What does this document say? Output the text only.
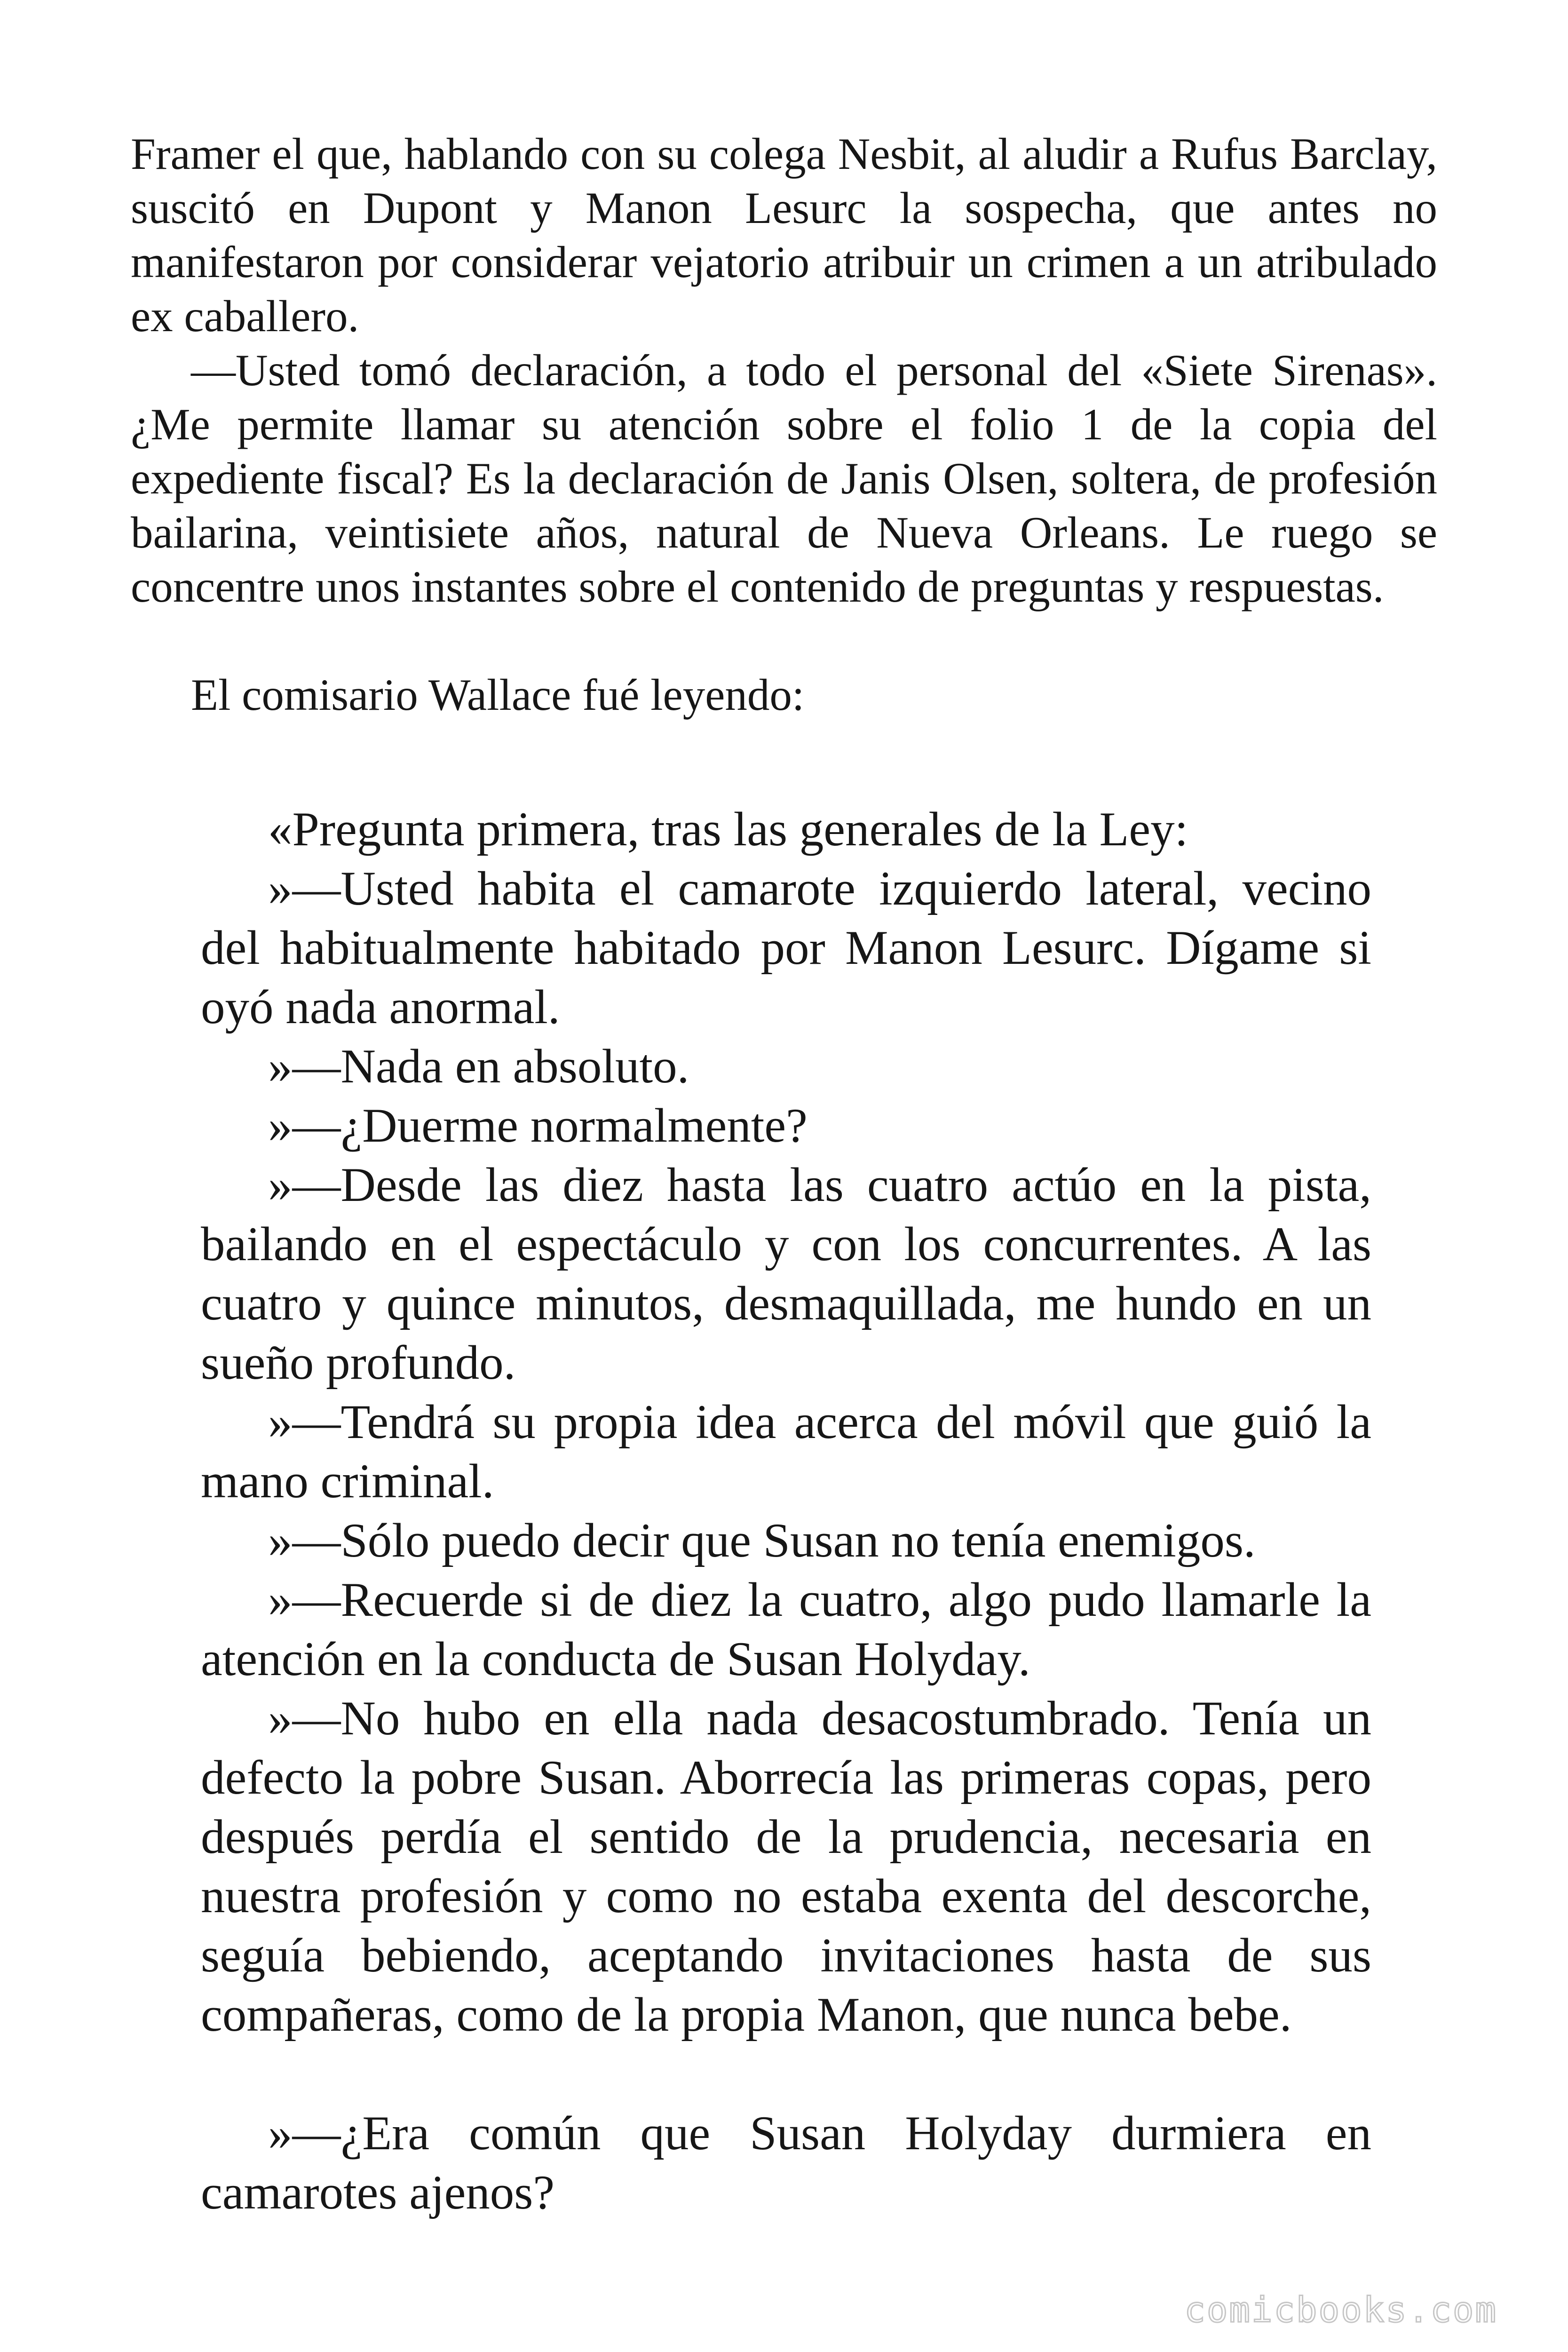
Framer el que, hablando con su colega Nesbit, al aludir a Rufus Barclay, suscitó en Dupont y Manon Lesurc la sospecha, que antes no manifestaron por considerar vejatorio atribuir un crimen a un atribulado ex caballero.

—Usted tomó declaración, a todo el personal del «Siete Sirenas». ¿Me permite llamar su atención sobre el folio 1 de la copia del expediente fiscal? Es la declaración de Janis Olsen, soltera, de profesión bailarina, veintisiete años, natural de Nueva Orleans. Le ruego se concentre unos instantes sobre el contenido de preguntas y respuestas.

El comisario Wallace fué leyendo:

«Pregunta primera, tras las generales de la Ley:

»—Usted habita el camarote izquierdo lateral, vecino del habitualmente habitado por Manon Lesurc. Dígame si oyó nada anormal.

»—Nada en absoluto.

»—¿Duerme normalmente?

»—Desde las diez hasta las cuatro actúo en la pista, bailando en el espectáculo y con los concurrentes. A las cuatro y quince minutos, desmaquillada, me hundo en un sueño profundo.

»—Tendrá su propia idea acerca del móvil que guió la mano criminal.

»—Sólo puedo decir que Susan no tenía enemigos.

»—Recuerde si de diez la cuatro, algo pudo llamarle la atención en la conducta de Susan Holyday.

»—No hubo en ella nada desacostumbrado. Tenía un defecto la pobre Susan. Aborrecía las primeras copas, pero después perdía el sentido de la prudencia, necesaria en nuestra profesión y como no estaba exenta del descorche, seguía bebiendo, aceptando invitaciones hasta de sus compañeras, como de la propia Manon, que nunca bebe.

»—¿Era común que Susan Holyday durmiera en camarotes ajenos?

comicbooks.com
